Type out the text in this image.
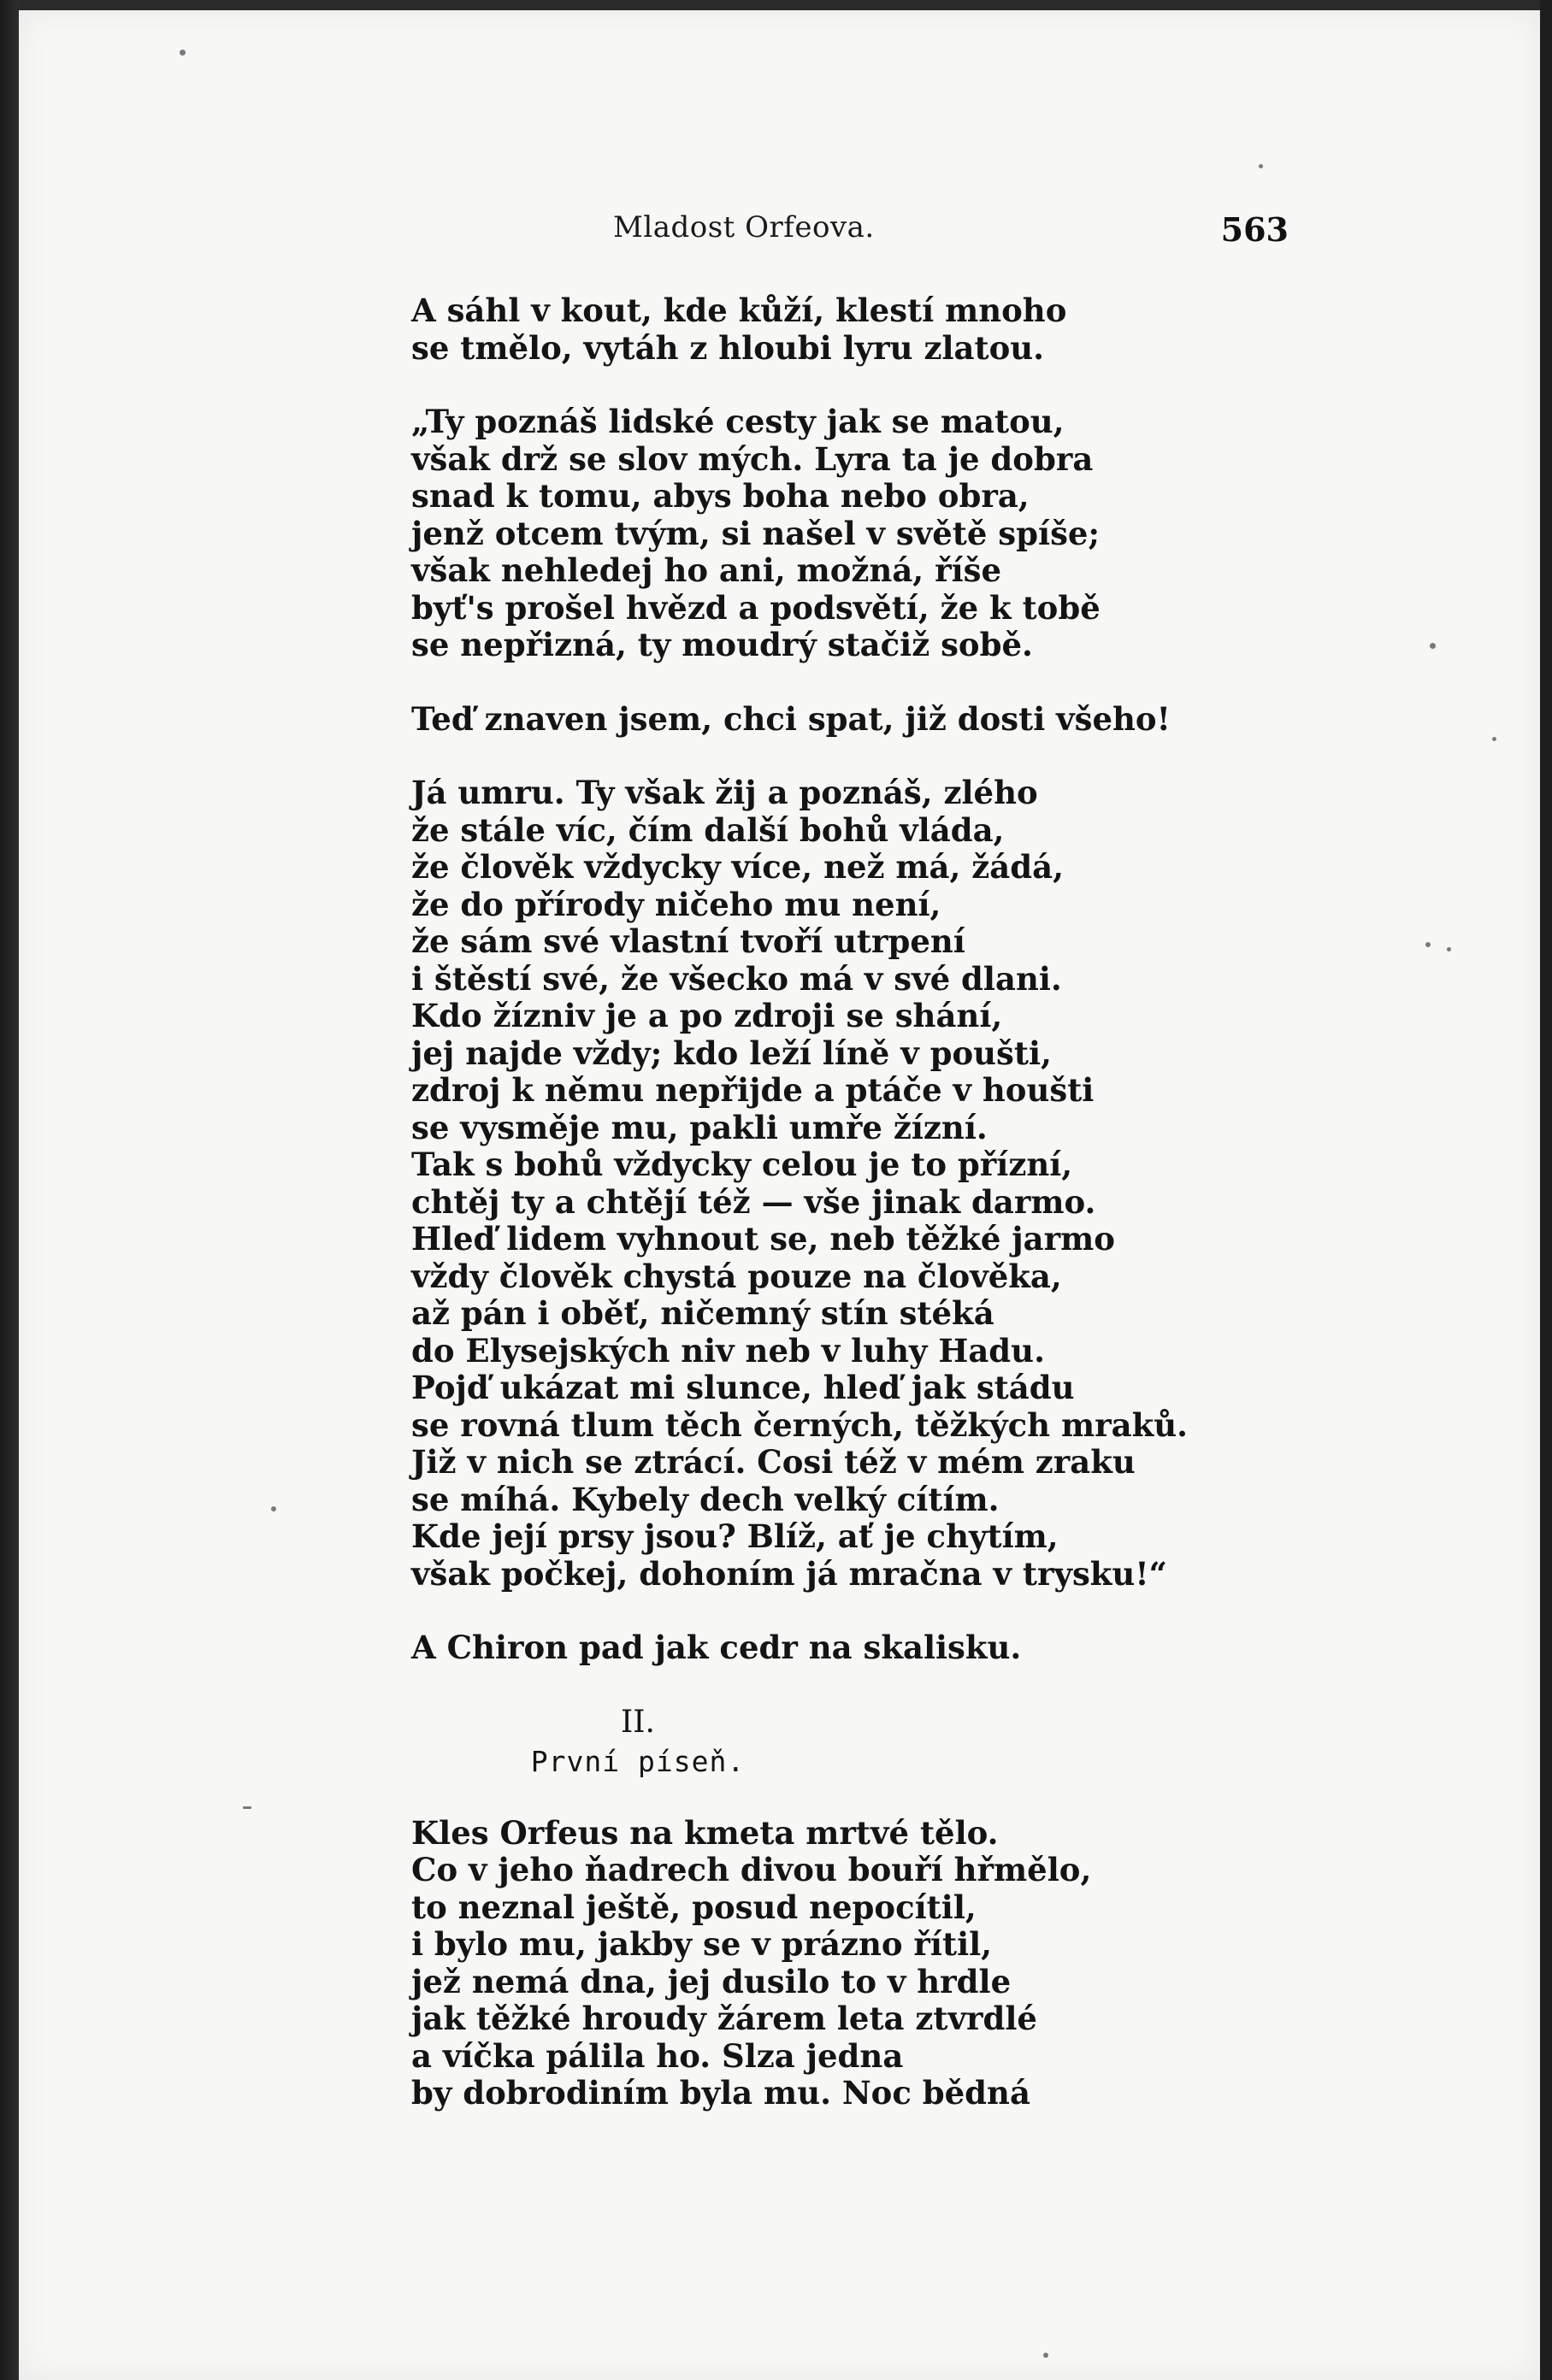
Mladost Orfeova.	563
A sáhl v kout, kde kůží, klestí mnoho
se tmělo, vytáh z hloubi lyru zlatou.
„Ty poznáš lidské cesty jak se matou,
však drž se slov mých. Lyra ta je dobra
snad k tomu, abys boha nebo obra,
jenž otcem tvým, si našel v světě spíše;
však nehledej ho ani, možná, říše
byť's prošel hvězd a podsvětí, že k tobě
se nepřizná, ty moudrý stačiž sobě.
Teď znaven jsem, chci spat, již dosti všeho!
Já umru. Ty však žij a poznáš, zlého
že stále víc, čím další bohů vláda,
že člověk vždycky více, než má, žádá,
že do přírody ničeho mu není,
že sám své vlastní tvoří utrpení
i štěstí své, že všecko má v své dlani.
Kdo žízniv je a po zdroji se shání,
jej najde vždy; kdo leží líně v poušti,
zdroj k němu nepřijde a ptáče v houšti
se vysměje mu, pakli umře žízní.
Tak s bohů vždycky celou je to přízní,
chtěj ty a chtějí též — vše jinak darmo.
Hleď lidem vyhnout se, neb těžké jarmo
vždy člověk chystá pouze na člověka,
až pán i oběť, ničemný stín stéká
do Elysejských niv neb v luhy Hadu.
Pojď ukázat mi slunce, hleď jak stádu
se rovná tlum těch černých, těžkých mraků.
Již v nich se ztrácí. Cosi též v mém zraku
se míhá. Kybely dech velký cítím.
Kde její prsy jsou? Blíž, ať je chytím,
však počkej, dohoním já mračna v trysku!“
A Chiron pad jak cedr na skalisku.
II.
První píseň.
Kles Orfeus na kmeta mrtvé tělo.
Co v jeho ňadrech divou bouří hřmělo,
to neznal ještě, posud nepocítil,
i bylo mu, jakby se v prázno řítil,
jež nemá dna, jej dusilo to v hrdle
jak těžké hroudy žárem leta ztvrdlé
a víčka pálila ho. Slza jedna
by dobrodiním byla mu. Noc bědná
